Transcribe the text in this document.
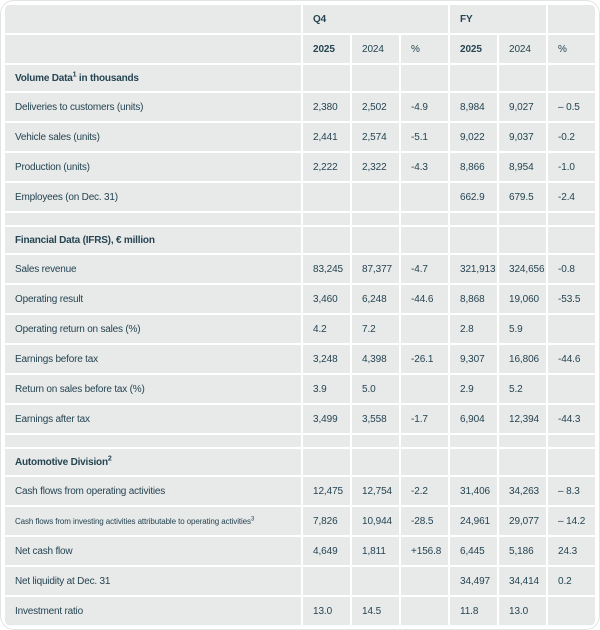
	Q4			FY		
	2025	2024	%	2025	2024	%
Volume Data$^1$ in thousands						
Deliveries to customers (units)	2,380	2,502	-4.9	8,984	9,027	– 0.5
Vehicle sales (units)	2,441	2,574	-5.1	9,022	9,037	-0.2
Production (units)	2,222	2,322	-4.3	8,866	8,954	-1.0
Employees (on Dec. 31)				662.9	679.5	-2.4

Financial Data (IFRS), € million						
Sales revenue	83,245	87,377	-4.7	321,913	324,656	-0.8
Operating result	3,460	6,248	-44.6	8,868	19,060	-53.5
Operating return on sales (%)	4.2	7.2		2.8	5.9	
Earnings before tax	3,248	4,398	-26.1	9,307	16,806	-44.6
Return on sales before tax (%)	3.9	5.0		2.9	5.2	
Earnings after tax	3,499	3,558	-1.7	6,904	12,394	-44.3

Automotive Division$^2$						
Cash flows from operating activities	12,475	12,754	-2.2	31,406	34,263	– 8.3
Cash flows from investing activities attributable to operating activities$^3$	7,826	10,944	-28.5	24,961	29,077	– 14.2
Net cash flow	4,649	1,811	+156.8	6,445	5,186	24.3
Net liquidity at Dec. 31				34,497	34,414	0.2
Investment ratio	13.0	14.5		11.8	13.0	
